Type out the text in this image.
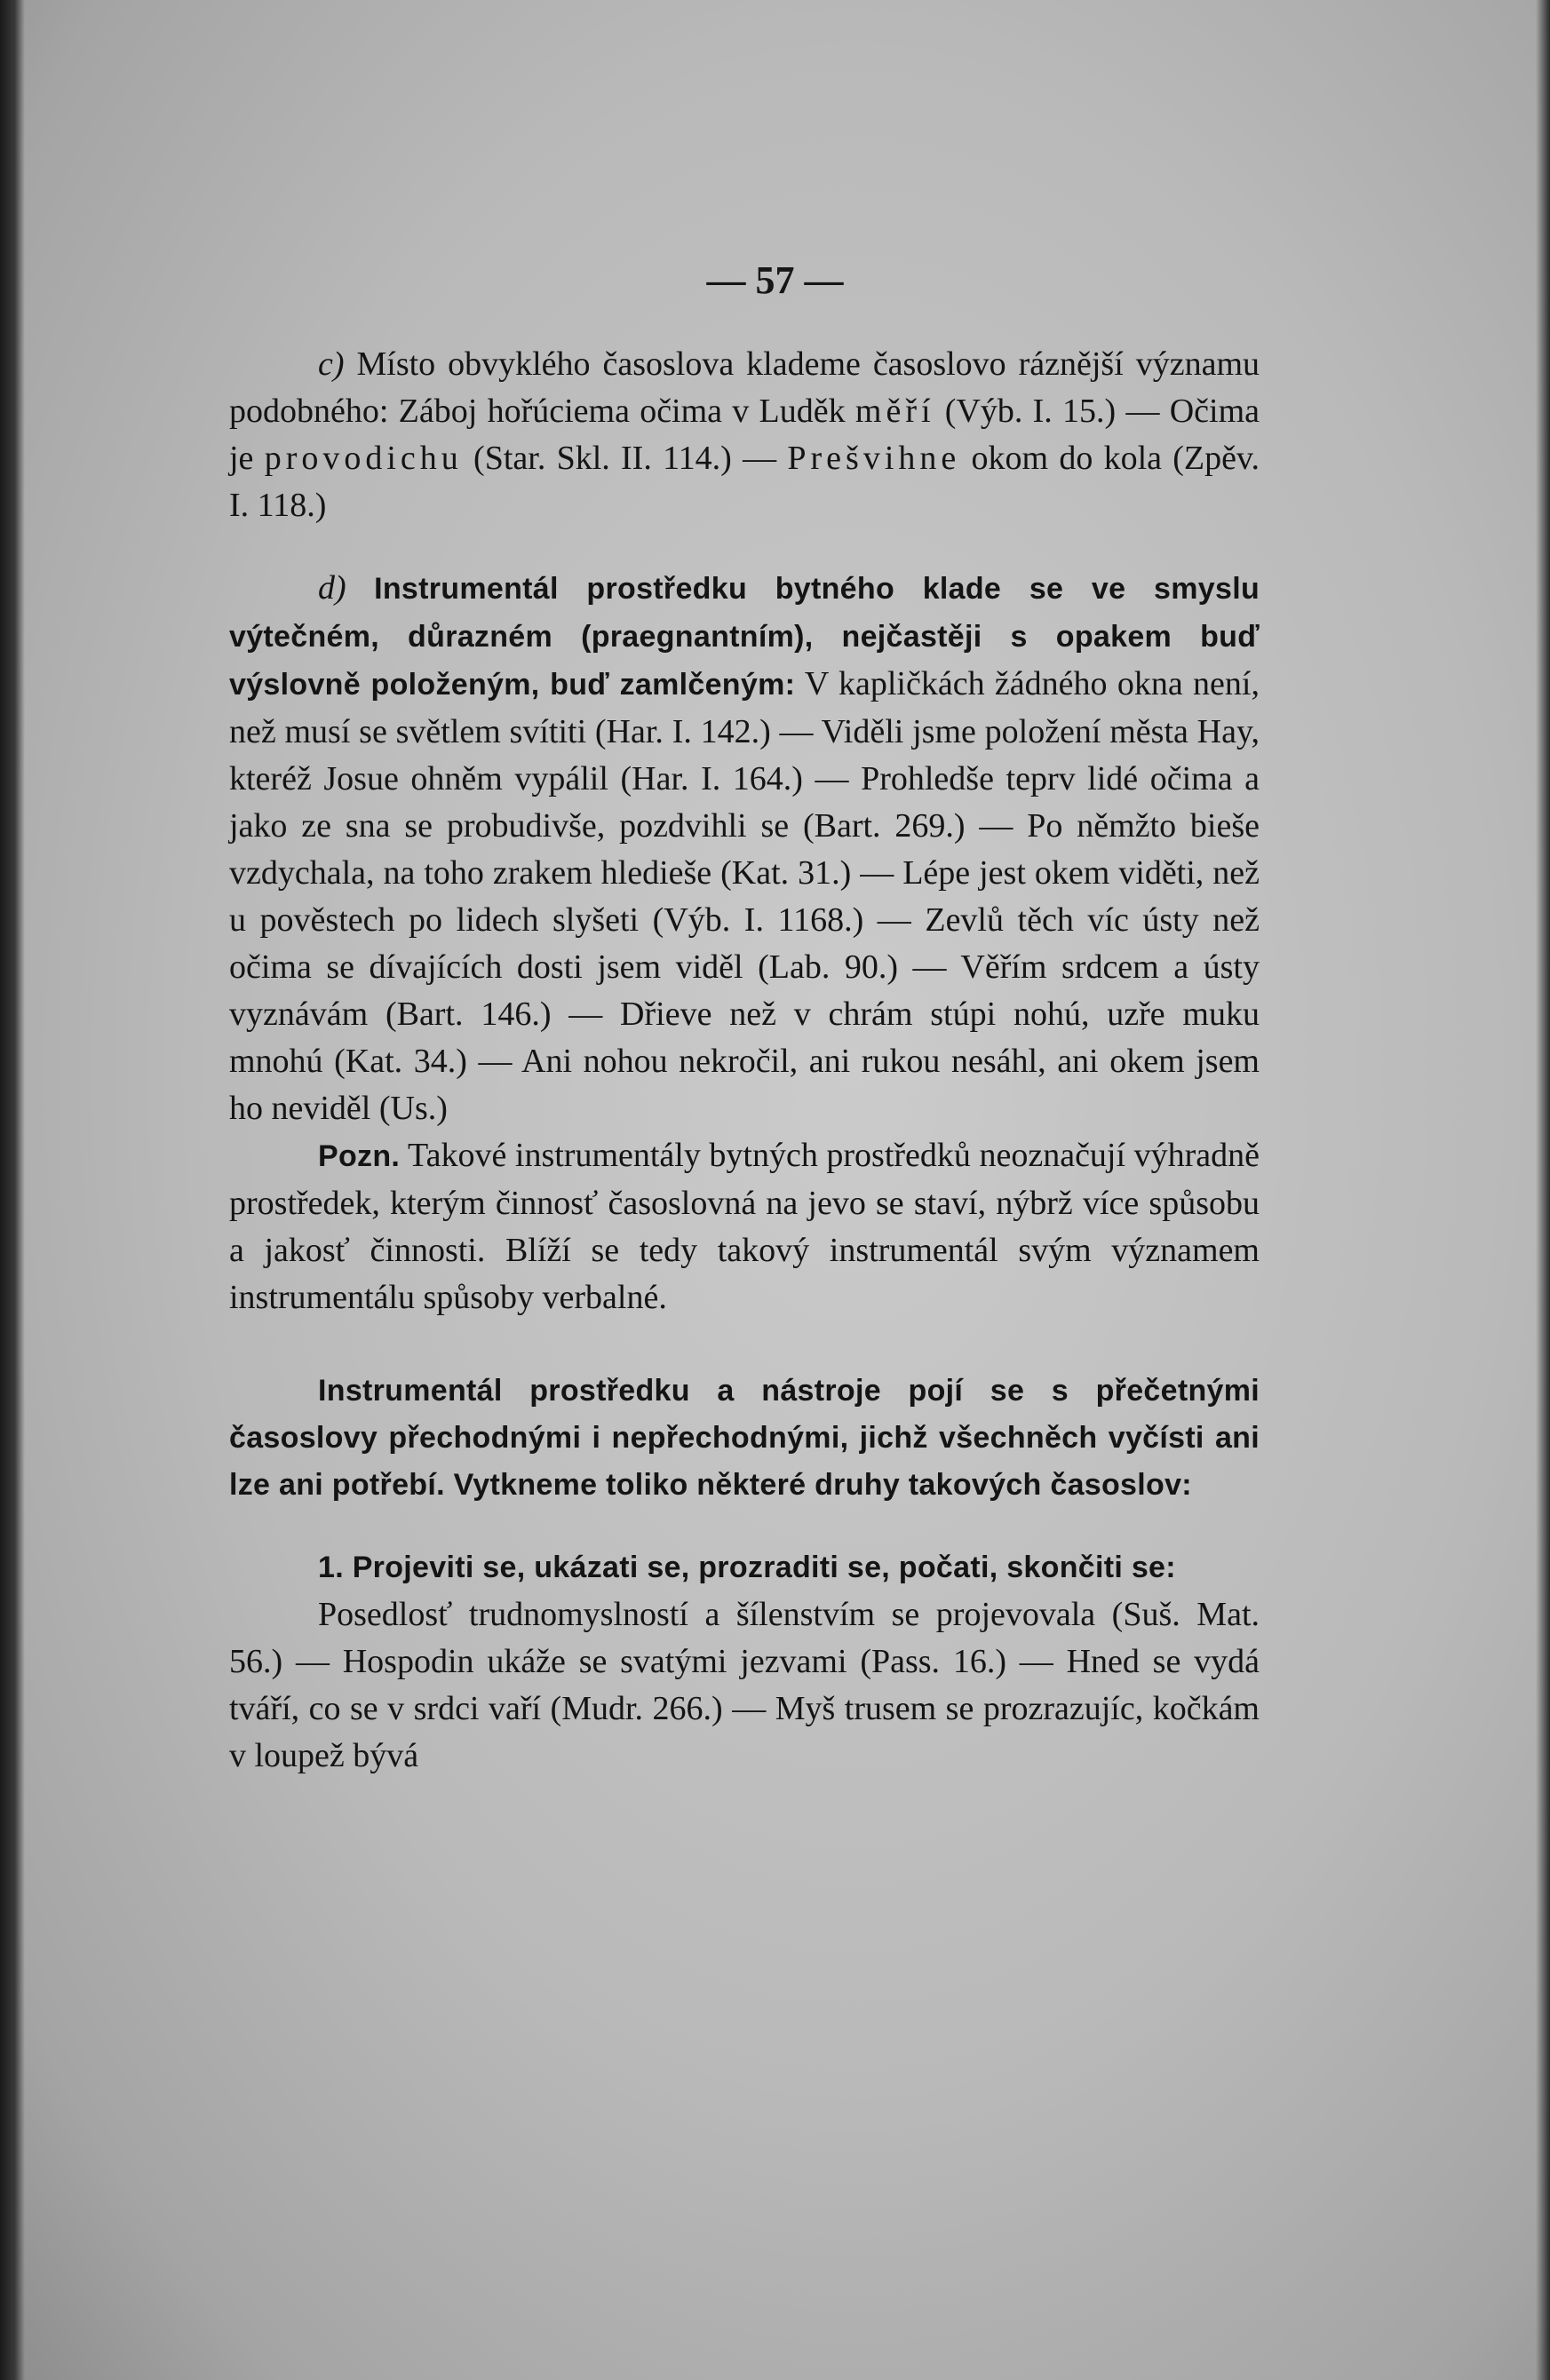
— 57 —

c) Místo obvyklého časoslova klademe časoslovo ráznější významu podobného: Záboj hořúciema očima v Luděk měří (Výb. I. 15.) — Očima je provodichu (Star. Skl. II. 114.) — Prešvihne okom do kola (Zpěv. I. 118.)

d) Instrumentál prostředku bytného klade se ve smyslu výtečném, důrazném (praegnantním), nejčastěji s opakem buď výslovně položeným, buď zamlčeným: V kapličkách žádného okna není, než musí se světlem svítiti (Har. I. 142.) — Viděli jsme položení města Hay, kteréž Josue ohněm vypálil (Har. I. 164.) — Prohledše teprv lidé očima a jako ze sna se probudivše, pozdvihli se (Bart. 269.) — Po němžto bieše vzdychala, na toho zrakem hledieše (Kat. 31.) — Lépe jest okem viděti, než u pověstech po lidech slyšeti (Výb. I. 1168.) — Zevlů těch víc ústy než očima se dívajících dosti jsem viděl (Lab. 90.) — Věřím srdcem a ústy vyznávám (Bart. 146.) — Dřieve než v chrám stúpi nohú, uzře muku mnohú (Kat. 34.) — Ani nohou nekročil, ani rukou nesáhl, ani okem jsem ho neviděl (Us.)

Pozn. Takové instrumentály bytných prostředků neoznačují výhradně prostředek, kterým činnosť časoslovná na jevo se staví, nýbrž více spůsobu a jakosť činnosti. Blíží se tedy takový instrumentál svým významem instrumentálu spůsoby verbalné.

Instrumentál prostředku a nástroje pojí se s přečetnými časoslovy přechodnými i nepřechodnými, jichž všechněch vyčísti ani lze ani potřebí. Vytkneme toliko některé druhy takových časoslov:

1. Projeviti se, ukázati se, prozraditi se, počati, skončiti se:

Posedlosť trudnomyslností a šílenstvím se projevovala (Suš. Mat. 56.) — Hospodin ukáže se svatými jezvami (Pass. 16.) — Hned se vydá tváří, co se v srdci vaří (Mudr. 266.) — Myš trusem se prozrazujíc, kočkám v loupež bývá
